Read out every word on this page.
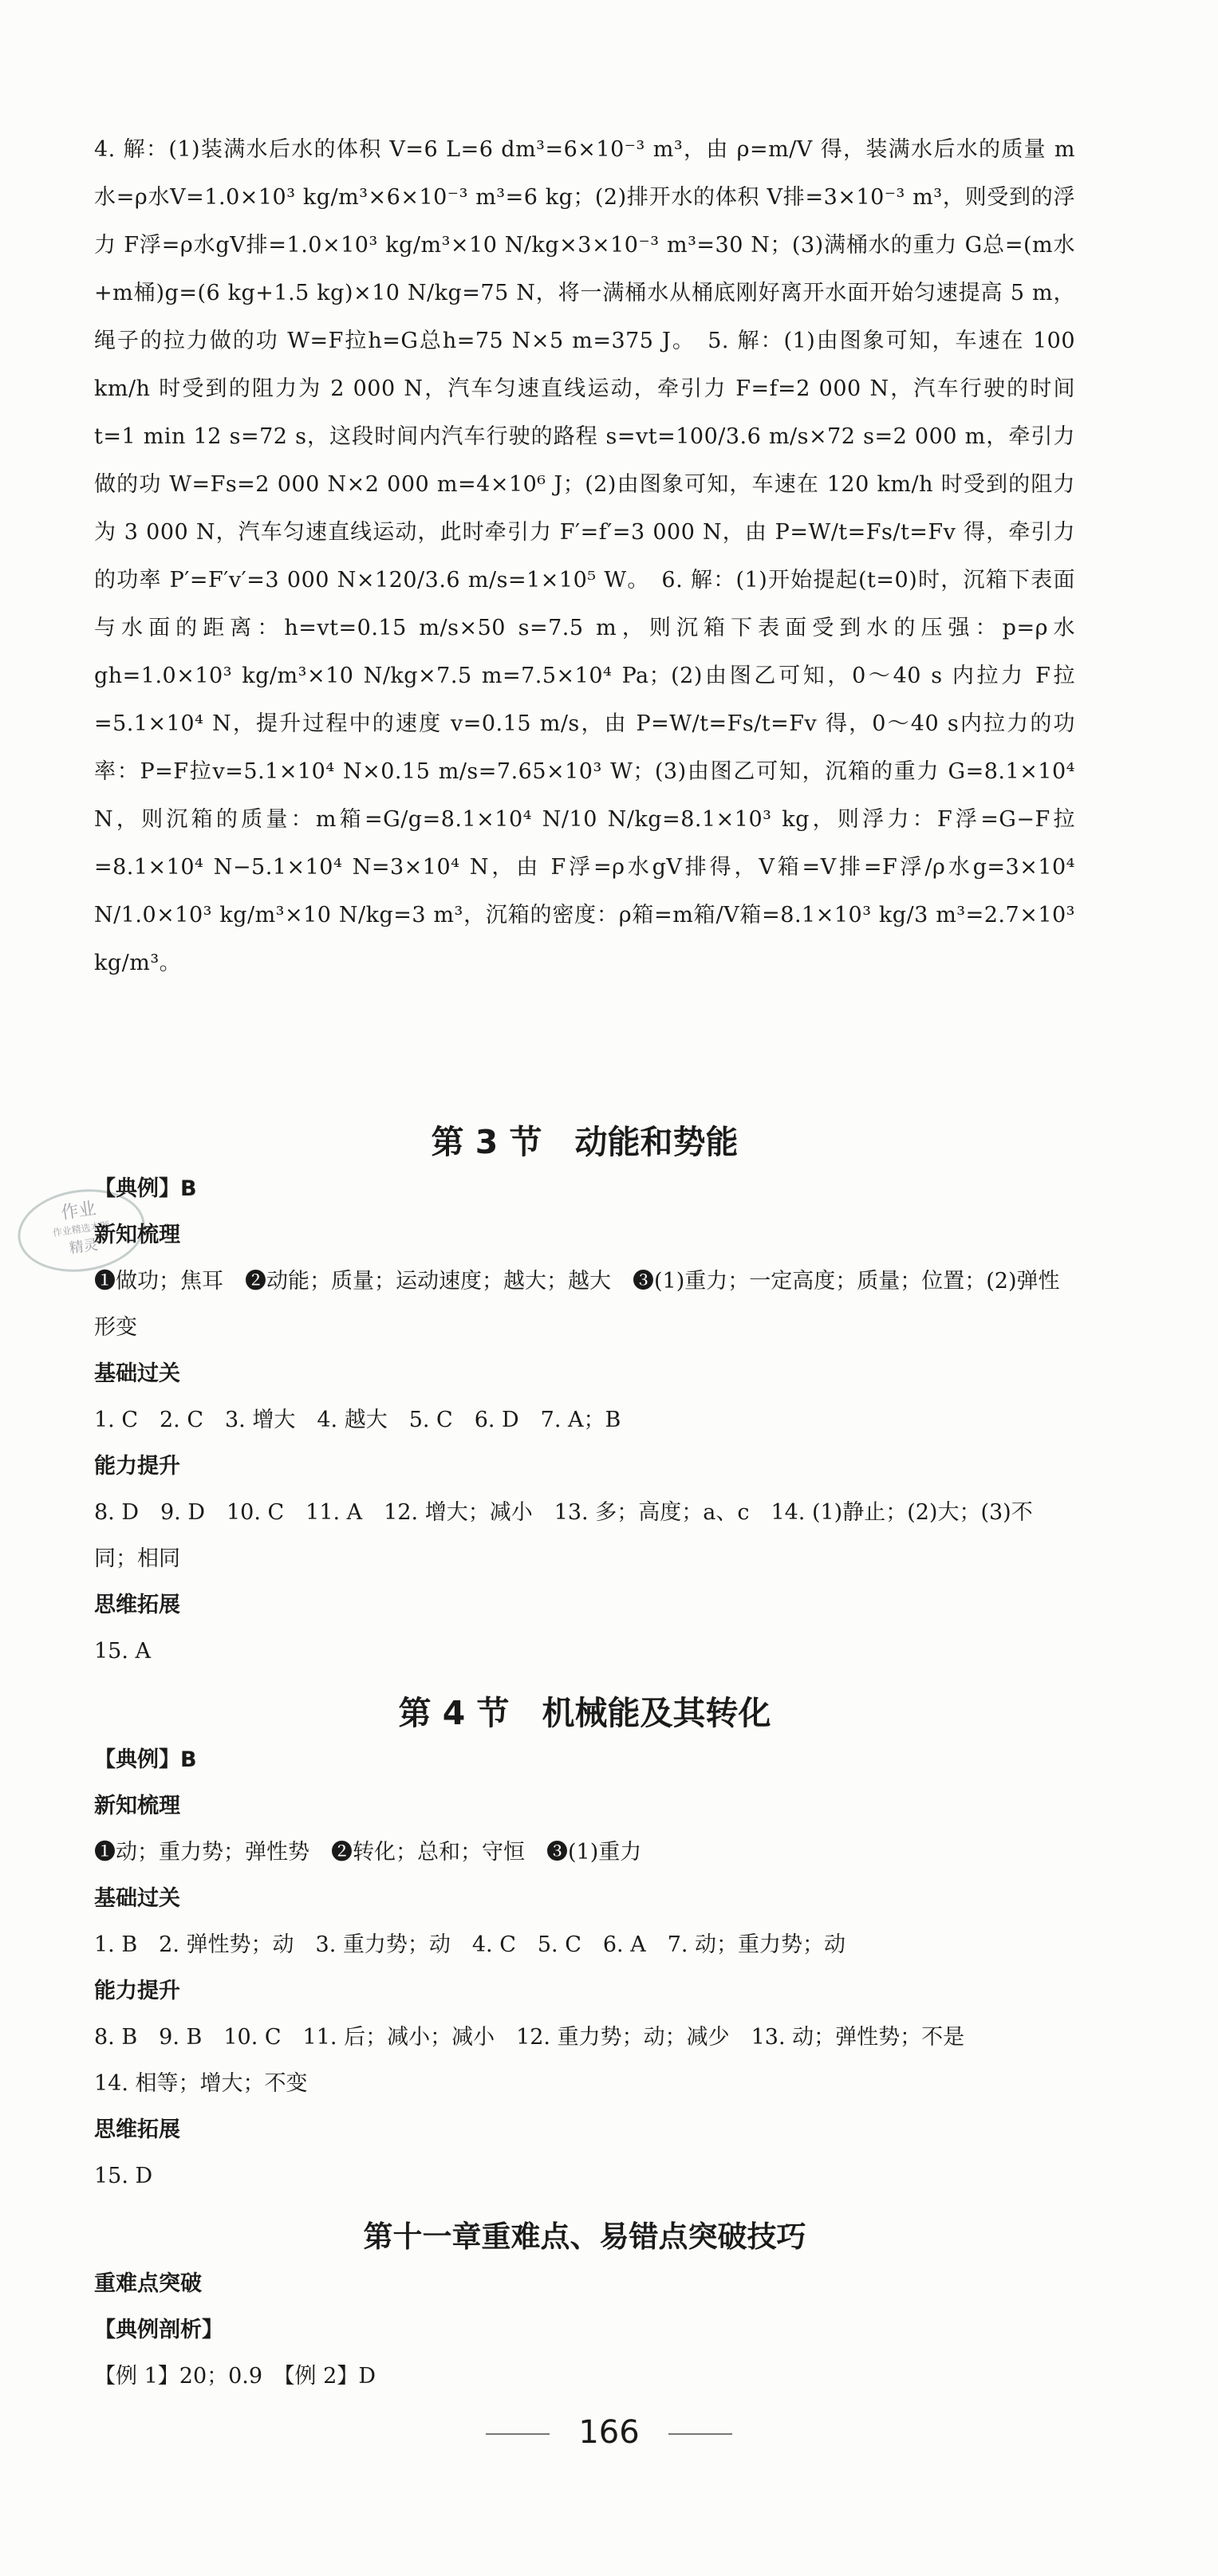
4. 解：(1)装满水后水的体积 V=6 L=6 dm³=6×10⁻³ m³，由 ρ=m/V 得，装满水后水的质量 m水=ρ水V=1.0×10³ kg/m³×6×10⁻³ m³=6 kg；(2)排开水的体积 V排=3×10⁻³ m³，则受到的浮力 F浮=ρ水gV排=1.0×10³ kg/m³×10 N/kg×3×10⁻³ m³=30 N；(3)满桶水的重力 G总=(m水+m桶)g=(6 kg+1.5 kg)×10 N/kg=75 N，将一满桶水从桶底刚好离开水面开始匀速提高 5 m，绳子的拉力做的功 W=F拉h=G总h=75 N×5 m=375 J。　5. 解：(1)由图象可知，车速在 100 km/h 时受到的阻力为 2 000 N，汽车匀速直线运动，牵引力 F=f=2 000 N，汽车行驶的时间 t=1 min 12 s=72 s，这段时间内汽车行驶的路程 s=vt=100/3.6 m/s×72 s=2 000 m，牵引力做的功 W=Fs=2 000 N×2 000 m=4×10⁶ J；(2)由图象可知，车速在 120 km/h 时受到的阻力为 3 000 N，汽车匀速直线运动，此时牵引力 F′=f′=3 000 N，由 P=W/t=Fs/t=Fv 得，牵引力的功率 P′=F′v′=3 000 N×120/3.6 m/s=1×10⁵ W。　6. 解：(1)开始提起(t=0)时，沉箱下表面与水面的距离：h=vt=0.15 m/s×50 s=7.5 m，则沉箱下表面受到水的压强：p=ρ水gh=1.0×10³ kg/m³×10 N/kg×7.5 m=7.5×10⁴ Pa；(2)由图乙可知，0～40 s 内拉力 F拉=5.1×10⁴ N，提升过程中的速度 v=0.15 m/s，由 P=W/t=Fs/t=Fv 得，0～40 s内拉力的功率：P=F拉v=5.1×10⁴ N×0.15 m/s=7.65×10³ W；(3)由图乙可知，沉箱的重力 G=8.1×10⁴ N，则沉箱的质量：m箱=G/g=8.1×10⁴ N/10 N/kg=8.1×10³ kg，则浮力：F浮=G−F拉=8.1×10⁴ N−5.1×10⁴ N=3×10⁴ N，由 F浮=ρ水gV排得，V箱=V排=F浮/ρ水g=3×10⁴ N/1.0×10³ kg/m³×10 N/kg=3 m³，沉箱的密度：ρ箱=m箱/V箱=8.1×10³ kg/3 m³=2.7×10³ kg/m³。

作业
作业精选本题
精灵

第 3 节　动能和势能

【典例】B

新知梳理

❶做功；焦耳　❷动能；质量；运动速度；越大；越大　❸(1)重力；一定高度；质量；位置；(2)弹性形变

基础过关

1. C　2. C　3. 增大　4. 越大　5. C　6. D　7. A；B

能力提升

8. D　9. D　10. C　11. A　12. 增大；减小　13. 多；高度；a、c　14. (1)静止；(2)大；(3)不同；相同

思维拓展

15. A

第 4 节　机械能及其转化

【典例】B

新知梳理

❶动；重力势；弹性势　❷转化；总和；守恒　❸(1)重力

基础过关

1. B　2. 弹性势；动　3. 重力势；动　4. C　5. C　6. A　7. 动；重力势；动

能力提升

8. B　9. B　10. C　11. 后；减小；减小　12. 重力势；动；减少　13. 动；弹性势；不是

14. 相等；增大；不变

思维拓展

15. D

第十一章重难点、易错点突破技巧

重难点突破

【典例剖析】

【例 1】20；0.9　【例 2】D

166
